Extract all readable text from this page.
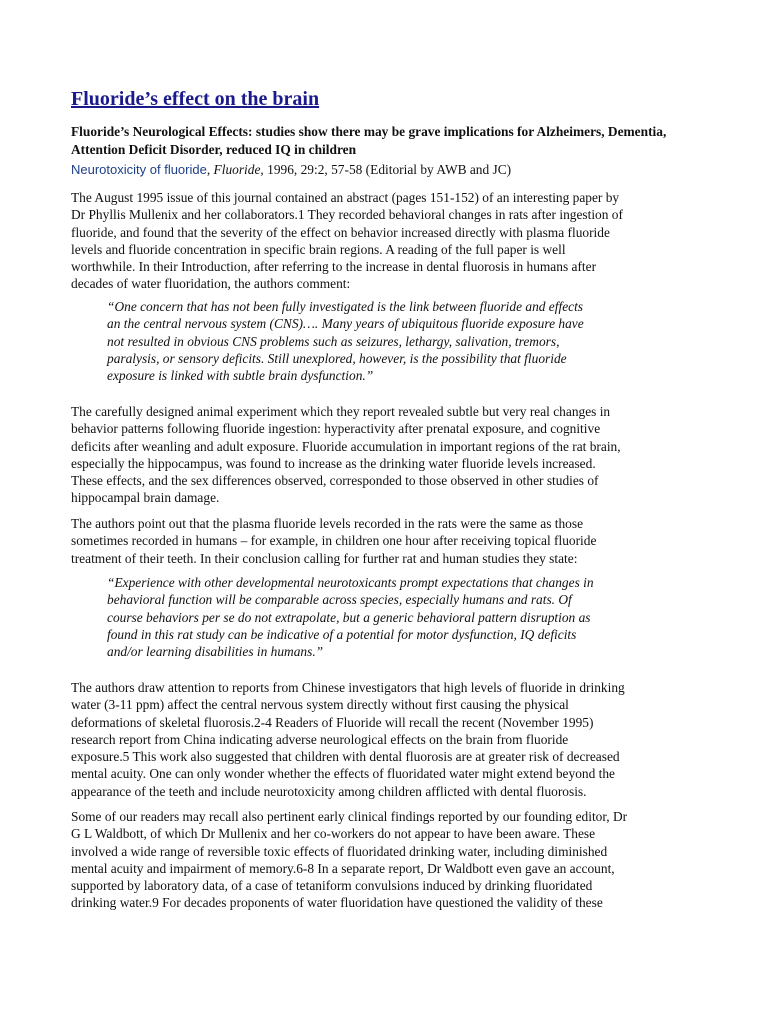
Fluoride’s effect on the brain

Fluoride’s Neurological Effects: studies show there may be grave implications for Alzheimers, Dementia, Attention Deficit Disorder, reduced IQ in children

Neurotoxicity of fluoride, Fluoride, 1996, 29:2, 57-58 (Editorial by AWB and JC)

The August 1995 issue of this journal contained an abstract (pages 151-152) of an interesting paper by
Dr Phyllis Mullenix and her collaborators.1 They recorded behavioral changes in rats after ingestion of
fluoride, and found that the severity of the effect on behavior increased directly with plasma fluoride
levels and fluoride concentration in specific brain regions. A reading of the full paper is well
worthwhile. In their Introduction, after referring to the increase in dental fluorosis in humans after
decades of water fluoridation, the authors comment:

“One concern that has not been fully investigated is the link between fluoride and effects
an the central nervous system (CNS)…. Many years of ubiquitous fluoride exposure have
not resulted in obvious CNS problems such as seizures, lethargy, salivation, tremors,
paralysis, or sensory deficits. Still unexplored, however, is the possibility that fluoride
exposure is linked with subtle brain dysfunction.”

The carefully designed animal experiment which they report revealed subtle but very real changes in
behavior patterns following fluoride ingestion: hyperactivity after prenatal exposure, and cognitive
deficits after weanling and adult exposure. Fluoride accumulation in important regions of the rat brain,
especially the hippocampus, was found to increase as the drinking water fluoride levels increased.
These effects, and the sex differences observed, corresponded to those observed in other studies of
hippocampal brain damage.

The authors point out that the plasma fluoride levels recorded in the rats were the same as those
sometimes recorded in humans – for example, in children one hour after receiving topical fluoride
treatment of their teeth. In their conclusion calling for further rat and human studies they state:

“Experience with other developmental neurotoxicants prompt expectations that changes in
behavioral function will be comparable across species, especially humans and rats. Of
course behaviors per se do not extrapolate, but a generic behavioral pattern disruption as
found in this rat study can be indicative of a potential for motor dysfunction, IQ deficits
and/or learning disabilities in humans.”

The authors draw attention to reports from Chinese investigators that high levels of fluoride in drinking
water (3-11 ppm) affect the central nervous system directly without first causing the physical
deformations of skeletal fluorosis.2-4 Readers of Fluoride will recall the recent (November 1995)
research report from China indicating adverse neurological effects on the brain from fluoride
exposure.5 This work also suggested that children with dental fluorosis are at greater risk of decreased
mental acuity. One can only wonder whether the effects of fluoridated water might extend beyond the
appearance of the teeth and include neurotoxicity among children afflicted with dental fluorosis.

Some of our readers may recall also pertinent early clinical findings reported by our founding editor, Dr
G L Waldbott, of which Dr Mullenix and her co-workers do not appear to have been aware. These
involved a wide range of reversible toxic effects of fluoridated drinking water, including diminished
mental acuity and impairment of memory.6-8 In a separate report, Dr Waldbott even gave an account,
supported by laboratory data, of a case of tetaniform convulsions induced by drinking fluoridated
drinking water.9 For decades proponents of water fluoridation have questioned the validity of these
